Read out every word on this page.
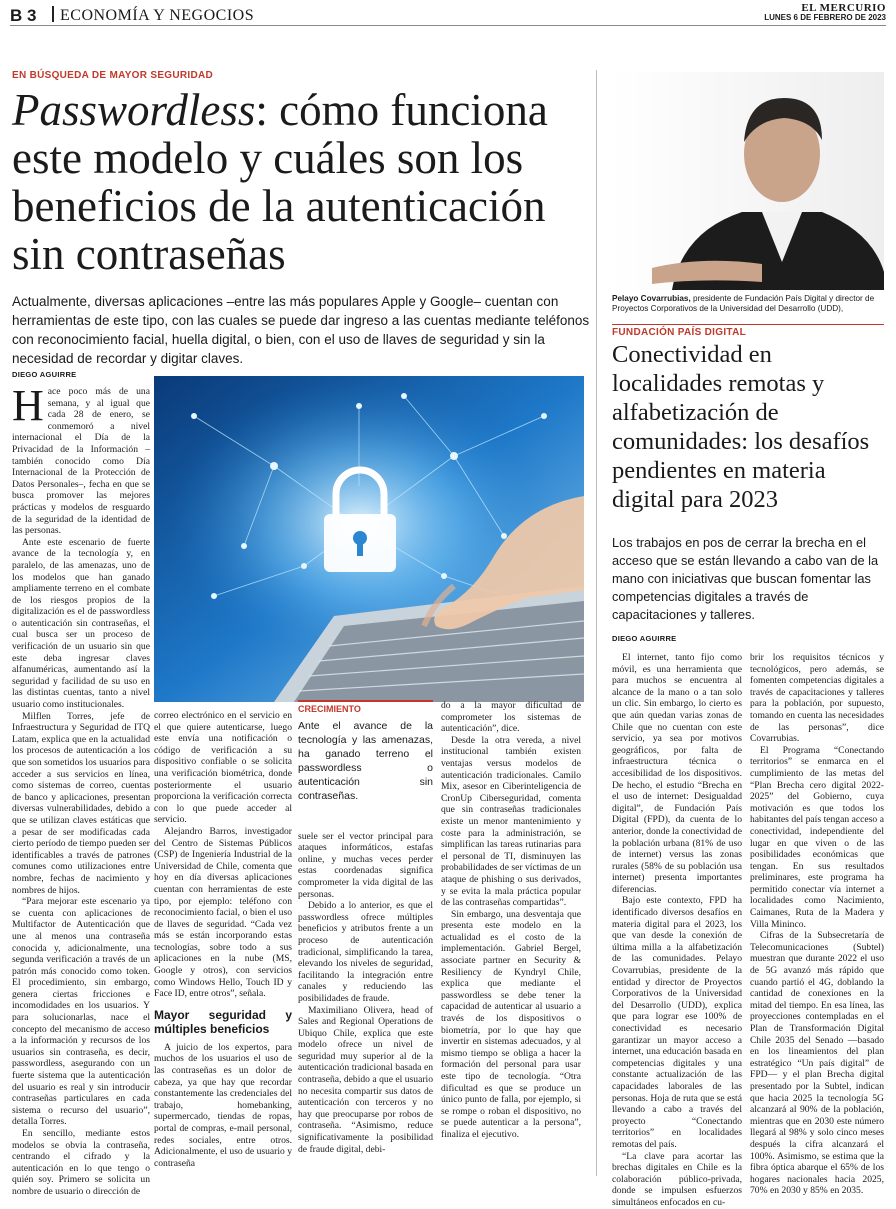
B 3 ECONOMÍA Y NEGOCIOS	EL MERCURIO
LUNES 6 DE FEBRERO DE 2023
EN BÚSQUEDA DE MAYOR SEGURIDAD
Passwordless: cómo funciona este modelo y cuáles son los beneficios de la autenticación sin contraseñas
Actualmente, diversas aplicaciones –entre las más populares Apple y Google– cuentan con herramientas de este tipo, con las cuales se puede dar ingreso a las cuentas mediante teléfonos con reconocimiento facial, huella digital, o bien, con el uso de llaves de seguridad y sin la necesidad de recordar y digitar claves.
DIEGO AGUIRRE
H ace poco más de una semana, y al igual que cada 28 de enero, se conmemoró a nivel internacional el Día de la Privacidad de la Información –también conocido como Día Internacional de la Protección de Datos Personales–, fecha en que se busca promover las mejores prácticas y modelos de resguardo de la seguridad de la identidad de las personas.

Ante este escenario de fuerte avance de la tecnología y, en paralelo, de las amenazas, uno de los modelos que han ganado ampliamente terreno en el combate de los riesgos propios de la digitalización es el de passwordless o autenticación sin contraseñas, el cual busca ser un proceso de verificación de un usuario sin que este deba ingresar claves alfanuméricas, aumentando así la seguridad y facilidad de su uso en las distintas cuentas, tanto a nivel usuario como institucionales.

Milflen Torres, jefe de Infraestructura y Seguridad de ITQ Latam, explica que en la actualidad los procesos de autenticación a los que son sometidos los usuarios para acceder a sus servicios en línea, como sistemas de correo, cuentas de banco y aplicaciones, presentan diversas vulnerabilidades, debido a que se utilizan claves estáticas que a pesar de ser modificadas cada cierto período de tiempo pueden ser identificables a través de patrones comunes como utilizaciones entre nombre, fechas de nacimiento y nombres de hijos.

“Para mejorar este escenario ya se cuenta con aplicaciones de Multifactor de Autenticación que une al menos una contraseña conocida y, adicionalmente, una segunda verificación a través de un patrón más conocido como token. El procedimiento, sin embargo, genera ciertas fricciones e incomodidades en los usuarios. Y para solucionarlas, nace el concepto del mecanismo de acceso a la información y recursos de los usuarios sin contraseña, es decir, passwordless, asegurando con un fuerte sistema que la autenticación del usuario es real y sin introducir contraseñas particulares en cada sistema o recurso del usuario”, detalla Torres.

En sencillo, mediante estos modelos se obvia la contraseña, centrando el cifrado y la autenticación en lo que tengo o quién soy. Primero se solicita un nombre de usuario o dirección de

correo electrónico en el servicio en el que quiere autenticarse, luego este envía una notificación o código de verificación a su dispositivo confiable o se solicita una verificación biométrica, donde posteriormente el usuario proporciona la verificación correcta con lo que puede acceder al servicio.

Alejandro Barros, investigador del Centro de Sistemas Públicos (CSP) de Ingeniería Industrial de la Universidad de Chile, comenta que hoy en día diversas aplicaciones cuentan con herramientas de este tipo, por ejemplo: teléfono con reconocimiento facial, o bien el uso de llaves de seguridad. “Cada vez más se están incorporando estas tecnologías, sobre todo a sus aplicaciones en la nube (MS, Google y otros), con servicios como Windows Hello, Touch ID y Face ID, entre otros”, señala.

Mayor seguridad y múltiples beneficios

A juicio de los expertos, para muchos de los usuarios el uso de las contraseñas es un dolor de cabeza, ya que hay que recordar constantemente las credenciales del trabajo, homebanking, supermercado, tiendas de ropas, portal de compras, e-mail personal, redes sociales, entre otros. Adicionalmente, el uso de usuario y contraseña

CRECIMIENTO
Ante el avance de la tecnología y las amenazas, ha ganado terreno el passwordless o autenticación sin contraseñas.

suele ser el vector principal para ataques informáticos, estafas online, y muchas veces perder estas coordenadas significa comprometer la vida digital de las personas.

Debido a lo anterior, es que el passwordless ofrece múltiples beneficios y atributos frente a un proceso de autenticación tradicional, simplificando la tarea, elevando los niveles de seguridad, facilitando la integración entre canales y reduciendo las posibilidades de fraude.

Maximiliano Olivera, head of Sales and Regional Operations de Ubiquo Chile, explica que este modelo ofrece un nivel de seguridad muy superior al de la autenticación tradicional basada en contraseña, debido a que el usuario no necesita compartir sus datos de autenticación con terceros y no hay que preocuparse por robos de contraseña. “Asimismo, reduce significativamente la posibilidad de fraude digital, debi-

do a la mayor dificultad de comprometer los sistemas de autenticación”, dice.

Desde la otra vereda, a nivel institucional también existen ventajas versus modelos de autenticación tradicionales. Camilo Mix, asesor en Ciberinteligencia de CronUp Ciberseguridad, comenta que sin contraseñas tradicionales existe un menor mantenimiento y coste para la administración, se simplifican las tareas rutinarias para el personal de TI, disminuyen las probabilidades de ser víctimas de un ataque de phishing o sus derivados, y se evita la mala práctica popular de las contraseñas compartidas”.

Sin embargo, una desventaja que presenta este modelo en la actualidad es el costo de la implementación. Gabriel Bergel, associate partner en Security & Resiliency de Kyndryl Chile, explica que mediante el passwordless se debe tener la capacidad de autenticar al usuario a través de los dispositivos o biometría, por lo que hay que invertir en sistemas adecuados, y al mismo tiempo se obliga a hacer la formación del personal para usar este tipo de tecnología. “Otra dificultad es que se produce un único punto de falla, por ejemplo, si se rompe o roban el dispositivo, no se puede autenticar a la persona”, finaliza el ejecutivo.

Pelayo Covarrubias, presidente de Fundación País Digital y director de Proyectos Corporativos de la Universidad del Desarrollo (UDD),
FUNDACIÓN PAÍS DIGITAL
Conectividad en localidades remotas y alfabetización de comunidades: los desafíos pendientes en materia digital para 2023
Los trabajos en pos de cerrar la brecha en el acceso que se están llevando a cabo van de la mano con iniciativas que buscan fomentar las competencias digitales a través de capacitaciones y talleres.
DIEGO AGUIRRE

El internet, tanto fijo como móvil, es una herramienta que para muchos se encuentra al alcance de la mano o a tan solo un clic. Sin embargo, lo cierto es que aún quedan varias zonas de Chile que no cuentan con este servicio, ya sea por motivos geográficos, por falta de infraestructura técnica o accesibilidad de los dispositivos. De hecho, el estudio “Brecha en el uso de internet: Desigualdad digital”, de Fundación País Digital (FPD), da cuenta de lo anterior, donde la conectividad de la población urbana (81% de uso de internet) versus las zonas rurales (58% de su población usa internet) presenta importantes diferencias.

Bajo este contexto, FPD ha identificado diversos desafíos en materia digital para el 2023, los que van desde la conexión de última milla a la alfabetización de las comunidades. Pelayo Covarrubias, presidente de la entidad y director de Proyectos Corporativos de la Universidad del Desarrollo (UDD), explica que para lograr ese 100% de conectividad es necesario garantizar un mayor acceso a internet, una educación basada en competencias digitales y una constante actualización de las capacidades laborales de las personas. Hoja de ruta que se está llevando a cabo a través del proyecto “Conectando territorios” en localidades remotas del país.

“La clave para acortar las brechas digitales en Chile es la colaboración público-privada, donde se impulsen esfuerzos simultáneos enfocados en cu-

brir los requisitos técnicos y tecnológicos, pero además, se fomenten competencias digitales a través de capacitaciones y talleres para la población, por supuesto, tomando en cuenta las necesidades de las personas”, dice Covarrubias.

El Programa “Conectando territorios” se enmarca en el cumplimiento de las metas del “Plan Brecha cero digital 2022-2025” del Gobierno, cuya motivación es que todos los habitantes del país tengan acceso a conectividad, independiente del lugar en que viven o de las posibilidades económicas que tengan. En sus resultados preliminares, este programa ha permitido conectar vía internet a localidades como Nacimiento, Caimanes, Ruta de la Madera y Villa Mininco.

Cifras de la Subsecretaría de Telecomunicaciones (Subtel) muestran que durante 2022 el uso de 5G avanzó más rápido que cuando partió el 4G, doblando la cantidad de conexiones en la mitad del tiempo. En esa línea, las proyecciones contempladas en el Plan de Transformación Digital Chile 2035 del Senado —basado en los lineamientos del plan estratégico “Un país digital” de FPD— y el plan Brecha digital presentado por la Subtel, indican que hacia 2025 la tecnología 5G alcanzará al 90% de la población, mientras que en 2030 este número llegará al 98% y solo cinco meses después la cifra alcanzará el 100%. Asimismo, se estima que la fibra óptica abarque el 65% de los hogares nacionales hacia 2025, 70% en 2030 y 85% en 2035.
